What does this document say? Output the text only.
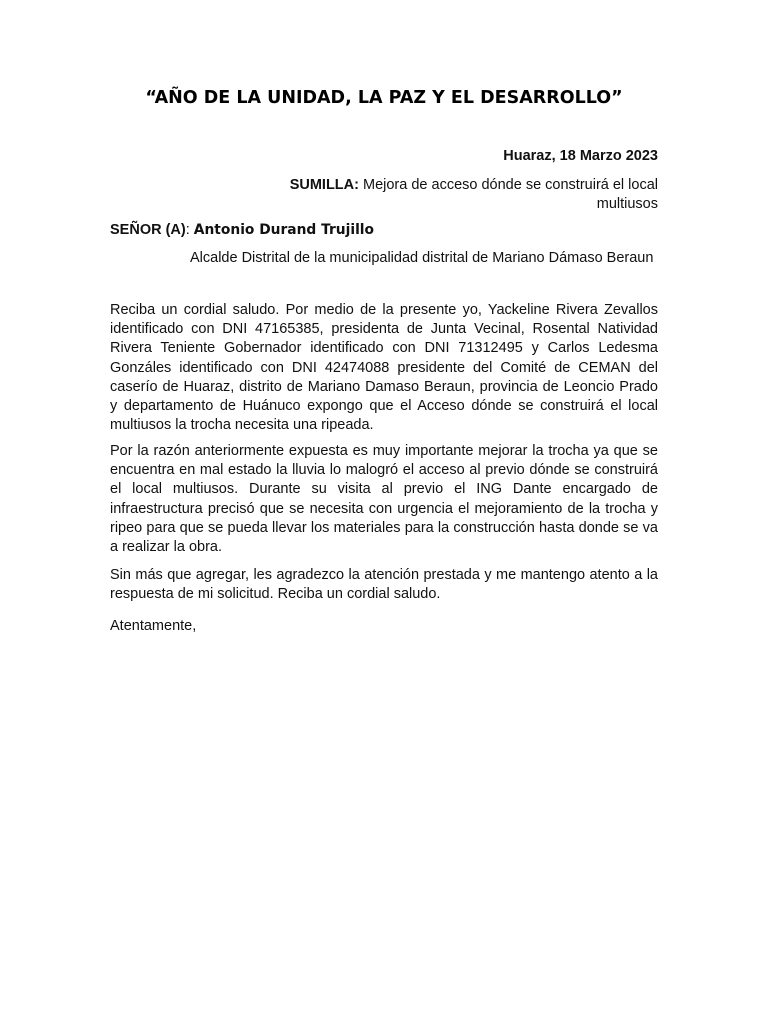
“AÑO DE LA UNIDAD, LA PAZ Y EL DESARROLLO”
Huaraz, 18 Marzo 2023
SUMILLA: Mejora de acceso dónde se construirá el local multiusos
SEÑOR (A): Antonio Durand Trujillo
Alcalde Distrital de la municipalidad distrital de Mariano Dámaso Beraun
Reciba un cordial saludo. Por medio de la presente yo, Yackeline Rivera Zevallos identificado con DNI 47165385, presidenta de Junta Vecinal, Rosental Natividad Rivera Teniente Gobernador identificado con DNI 71312495 y Carlos Ledesma Gonzáles identificado con DNI 42474088 presidente del Comité de CEMAN del caserío de Huaraz, distrito de Mariano Damaso Beraun, provincia de Leoncio Prado y departamento de Huánuco expongo que el Acceso dónde se construirá el local multiusos la trocha necesita una ripeada.
Por la razón anteriormente expuesta es muy importante mejorar la trocha ya que se encuentra en mal estado la lluvia lo malogró el acceso al previo dónde se construirá el local multiusos. Durante su visita al previo el ING Dante encargado de infraestructura precisó que se necesita con urgencia el mejoramiento de la trocha y ripeo para que se pueda llevar los materiales para la construcción hasta donde se va a realizar la obra.
Sin más que agregar, les agradezco la atención prestada y me mantengo atento a la respuesta de mi solicitud. Reciba un cordial saludo.
Atentamente,
